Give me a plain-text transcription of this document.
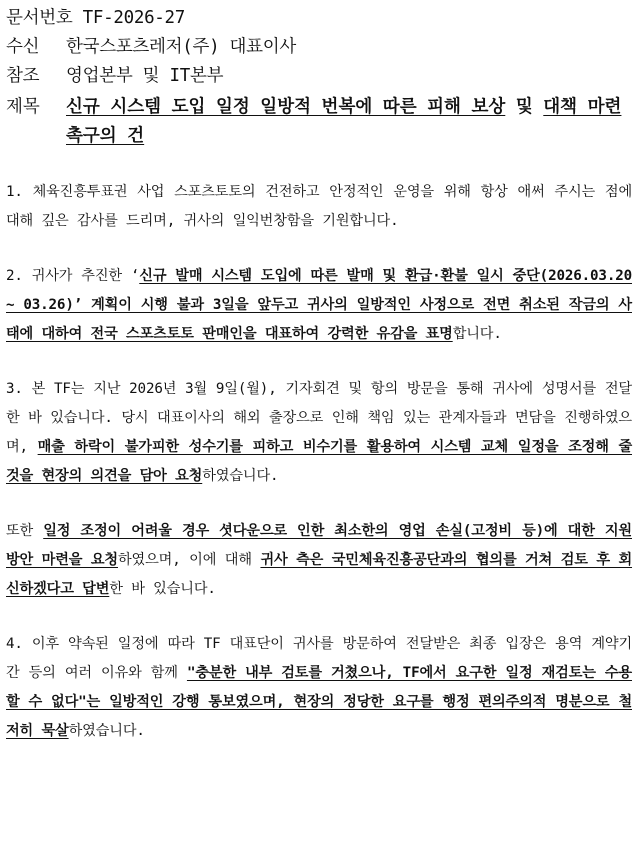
문서번호 TF-2026-27
수신 한국스포츠레저(주) 대표이사
참조 영업본부 및 IT본부
제목	신규 시스템 도입 일정 일방적 번복에 따른 피해 보상 및 대책 마련 촉구의 건

1. 체육진흥투표권 사업 스포츠토토의 건전하고 안정적인 운영을 위해 항상 애써 주시는 점에 대해 깊은 감사를 드리며, 귀사의 일익번창함을 기원합니다.

2. 귀사가 추진한 ‘신규 발매 시스템 도입에 따른 발매 및 환급·환불 일시 중단(2026.03.20 ~ 03.26)’ 계획이 시행 불과 3일을 앞두고 귀사의 일방적인 사정으로 전면 취소된 작금의 사태에 대하여 전국 스포츠토토 판매인을 대표하여 강력한 유감을 표명합니다.

3. 본 TF는 지난 2026년 3월 9일(월), 기자회견 및 항의 방문을 통해 귀사에 성명서를 전달한 바 있습니다. 당시 대표이사의 해외 출장으로 인해 책임 있는 관계자들과 면담을 진행하였으며, 매출 하락이 불가피한 성수기를 피하고 비수기를 활용하여 시스템 교체 일정을 조정해 줄 것을 현장의 의견을 담아 요청하였습니다.

또한 일정 조정이 어려울 경우 셧다운으로 인한 최소한의 영업 손실(고정비 등)에 대한 지원 방안 마련을 요청하였으며, 이에 대해 귀사 측은 국민체육진흥공단과의 협의를 거쳐 검토 후 회신하겠다고 답변한 바 있습니다.

4. 이후 약속된 일정에 따라 TF 대표단이 귀사를 방문하여 전달받은 최종 입장은 용역 계약기간 등의 여러 이유와 함께 "충분한 내부 검토를 거쳤으나, TF에서 요구한 일정 재검토는 수용할 수 없다"는 일방적인 강행 통보였으며, 현장의 정당한 요구를 행정 편의주의적 명분으로 철저히 묵살하였습니다.
